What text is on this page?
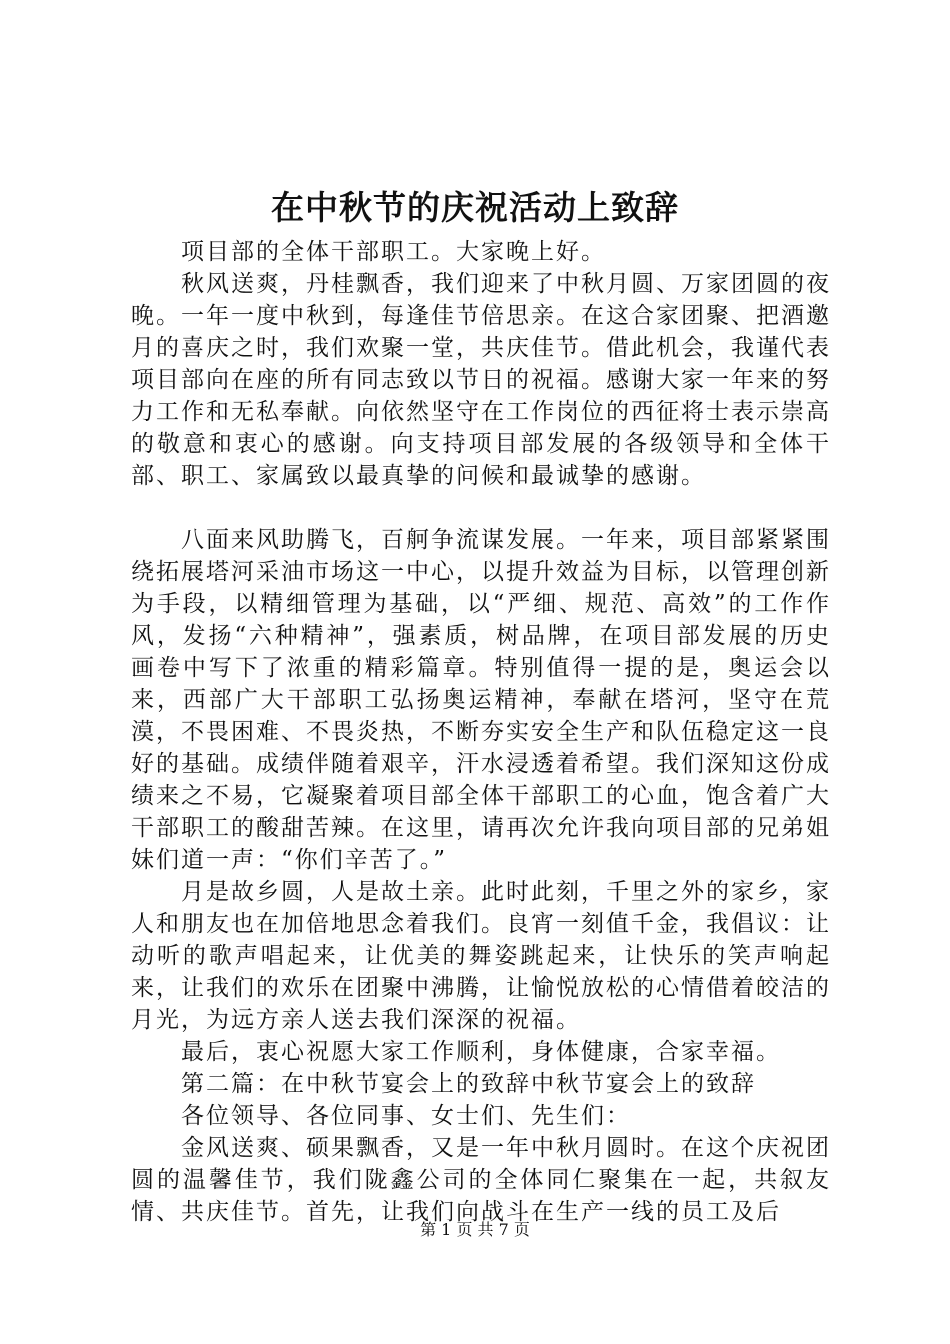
在中秋节的庆祝活动上致辞

项目部的全体干部职工。大家晚上好。

秋风送爽，丹桂飘香，我们迎来了中秋月圆、万家团圆的夜晚。一年一度中秋到，每逢佳节倍思亲。在这合家团聚、把酒邀月的喜庆之时，我们欢聚一堂，共庆佳节。借此机会，我谨代表项目部向在座的所有同志致以节日的祝福。感谢大家一年来的努力工作和无私奉献。向依然坚守在工作岗位的西征将士表示崇高的敬意和衷心的感谢。向支持项目部发展的各级领导和全体干部、职工、家属致以最真挚的问候和最诚挚的感谢。

八面来风助腾飞，百舸争流谋发展。一年来，项目部紧紧围绕拓展塔河采油市场这一中心，以提升效益为目标，以管理创新为手段，以精细管理为基础，以“严细、规范、高效”的工作作风，发扬“六种精神”，强素质，树品牌，在项目部发展的历史画卷中写下了浓重的精彩篇章。特别值得一提的是，奥运会以来，西部广大干部职工弘扬奥运精神，奉献在塔河，坚守在荒漠，不畏困难、不畏炎热，不断夯实安全生产和队伍稳定这一良好的基础。成绩伴随着艰辛，汗水浸透着希望。我们深知这份成绩来之不易，它凝聚着项目部全体干部职工的心血，饱含着广大干部职工的酸甜苦辣。在这里，请再次允许我向项目部的兄弟姐妹们道一声：“你们辛苦了。”

月是故乡圆，人是故土亲。此时此刻，千里之外的家乡，家人和朋友也在加倍地思念着我们。良宵一刻值千金，我倡议：让动听的歌声唱起来，让优美的舞姿跳起来，让快乐的笑声响起来，让我们的欢乐在团聚中沸腾，让愉悦放松的心情借着皎洁的月光，为远方亲人送去我们深深的祝福。

最后，衷心祝愿大家工作顺利，身体健康，合家幸福。

第二篇：在中秋节宴会上的致辞中秋节宴会上的致辞

各位领导、各位同事、女士们、先生们：

金风送爽、硕果飘香，又是一年中秋月圆时。在这个庆祝团圆的温馨佳节，我们陇鑫公司的全体同仁聚集在一起，共叙友情、共庆佳节。首先，让我们向战斗在生产一线的员工及后

第 1 页 共 7 页
